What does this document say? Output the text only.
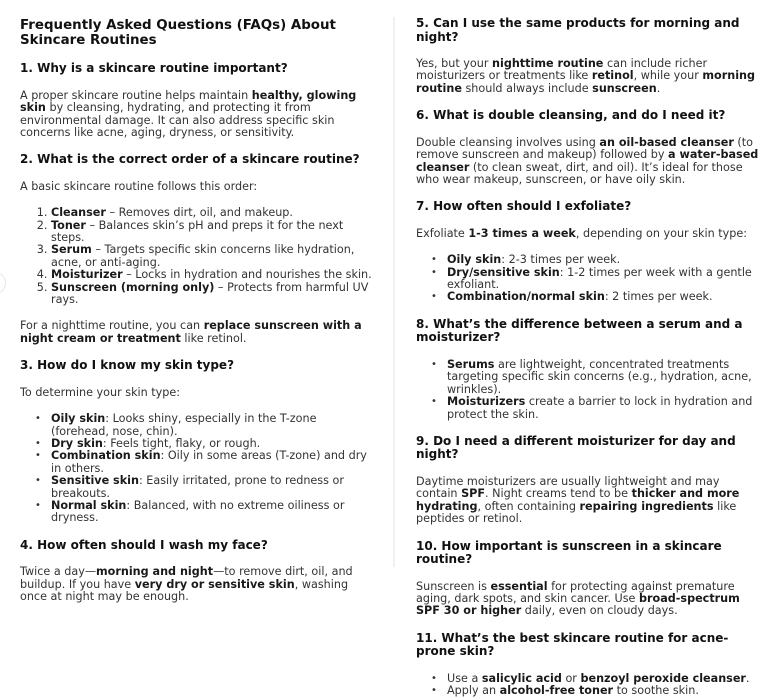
Frequently Asked Questions (FAQs) About Skincare Routines
1. Why is a skincare routine important?

A proper skincare routine helps maintain healthy, glowing skin by cleansing, hydrating, and protecting it from environmental damage. It can also address specific skin concerns like acne, aging, dryness, or sensitivity.

2. What is the correct order of a skincare routine?

A basic skincare routine follows this order:

1. Cleanser – Removes dirt, oil, and makeup.
2. Toner – Balances skin’s pH and preps it for the next steps.
3. Serum – Targets specific skin concerns like hydration, acne, or anti-aging.
4. Moisturizer – Locks in hydration and nourishes the skin.
5. Sunscreen (morning only) – Protects from harmful UV rays.

For a nighttime routine, you can replace sunscreen with a night cream or treatment like retinol.

3. How do I know my skin type?

To determine your skin type:

• Oily skin: Looks shiny, especially in the T-zone (forehead, nose, chin).
• Dry skin: Feels tight, flaky, or rough.
• Combination skin: Oily in some areas (T-zone) and dry in others.
• Sensitive skin: Easily irritated, prone to redness or breakouts.
• Normal skin: Balanced, with no extreme oiliness or dryness.
4. How often should I wash my face?

Twice a day—morning and night—to remove dirt, oil, and buildup. If you have very dry or sensitive skin, washing once at night may be enough.

5. Can I use the same products for morning and night?

Yes, but your nighttime routine can include richer moisturizers or treatments like retinol, while your morning routine should always include sunscreen.

6. What is double cleansing, and do I need it?

Double cleansing involves using an oil-based cleanser (to remove sunscreen and makeup) followed by a water-based cleanser (to clean sweat, dirt, and oil). It’s ideal for those who wear makeup, sunscreen, or have oily skin.

7. How often should I exfoliate?

Exfoliate 1-3 times a week, depending on your skin type:

• Oily skin: 2-3 times per week.
• Dry/sensitive skin: 1-2 times per week with a gentle exfoliant.
• Combination/normal skin: 2 times per week.
8. What’s the difference between a serum and a moisturizer?
• Serums are lightweight, concentrated treatments targeting specific skin concerns (e.g., hydration, acne, wrinkles).
• Moisturizers create a barrier to lock in hydration and protect the skin.
9. Do I need a different moisturizer for day and night?

Daytime moisturizers are usually lightweight and may contain SPF. Night creams tend to be thicker and more hydrating, often containing repairing ingredients like peptides or retinol.

10. How important is sunscreen in a skincare routine?

Sunscreen is essential for protecting against premature aging, dark spots, and skin cancer. Use broad-spectrum SPF 30 or higher daily, even on cloudy days.

11. What’s the best skincare routine for acne-prone skin?
• Use a salicylic acid or benzoyl peroxide cleanser.
• Apply an alcohol-free toner to soothe skin.
